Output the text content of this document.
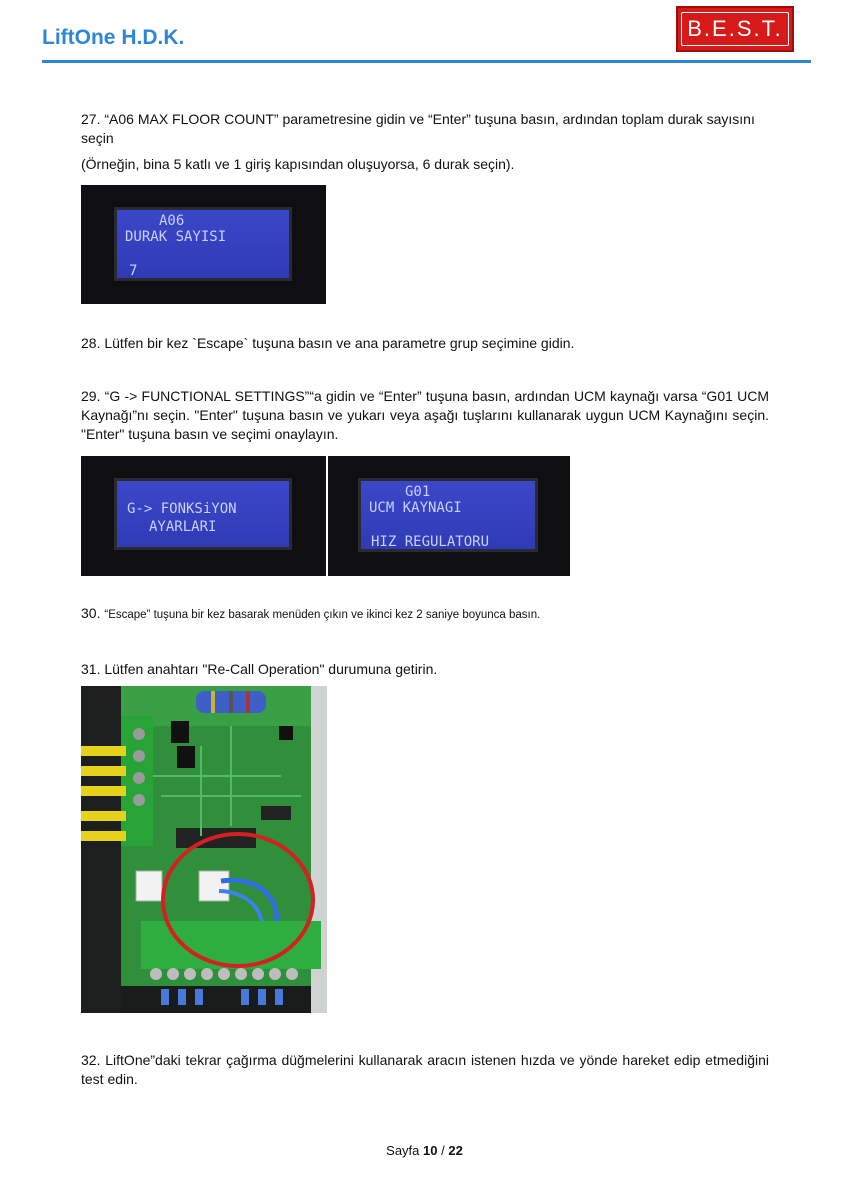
LiftOne H.D.K.	B.E.S.T.
27. “A06 MAX FLOOR COUNT” parametresine gidin ve “Enter” tuşuna basın, ardından toplam durak sayısını seçin
(Örneğin, bina 5 katlı ve 1 giriş kapısından oluşuyorsa, 6 durak seçin).

A06

DURAK SAYISI

7

28. Lütfen bir kez `Escape` tuşuna basın ve ana parametre grup seçimine gidin.
29. “G -> FUNCTIONAL SETTINGS”“a gidin ve “Enter” tuşuna basın, ardından UCM kaynağı varsa “G01 UCM Kaynağı”nı seçin. "Enter" tuşuna basın ve yukarı veya aşağı tuşlarını kullanarak uygun UCM Kaynağını seçin. "Enter" tuşuna basın ve seçimi onaylayın.

G-> FONKSiYON

AYARLARI

G01

UCM KAYNAGI

HIZ REGULATORU

30. “Escape” tuşuna bir kez basarak menüden çıkın ve ikinci kez 2 saniye boyunca basın.
31. Lütfen anahtarı "Re-Call Operation" durumuna getirin.
32. LiftOne”daki tekrar çağırma düğmelerini kullanarak aracın istenen hızda ve yönde hareket edip etmediğini test edin.
Sayfa 10 / 22
